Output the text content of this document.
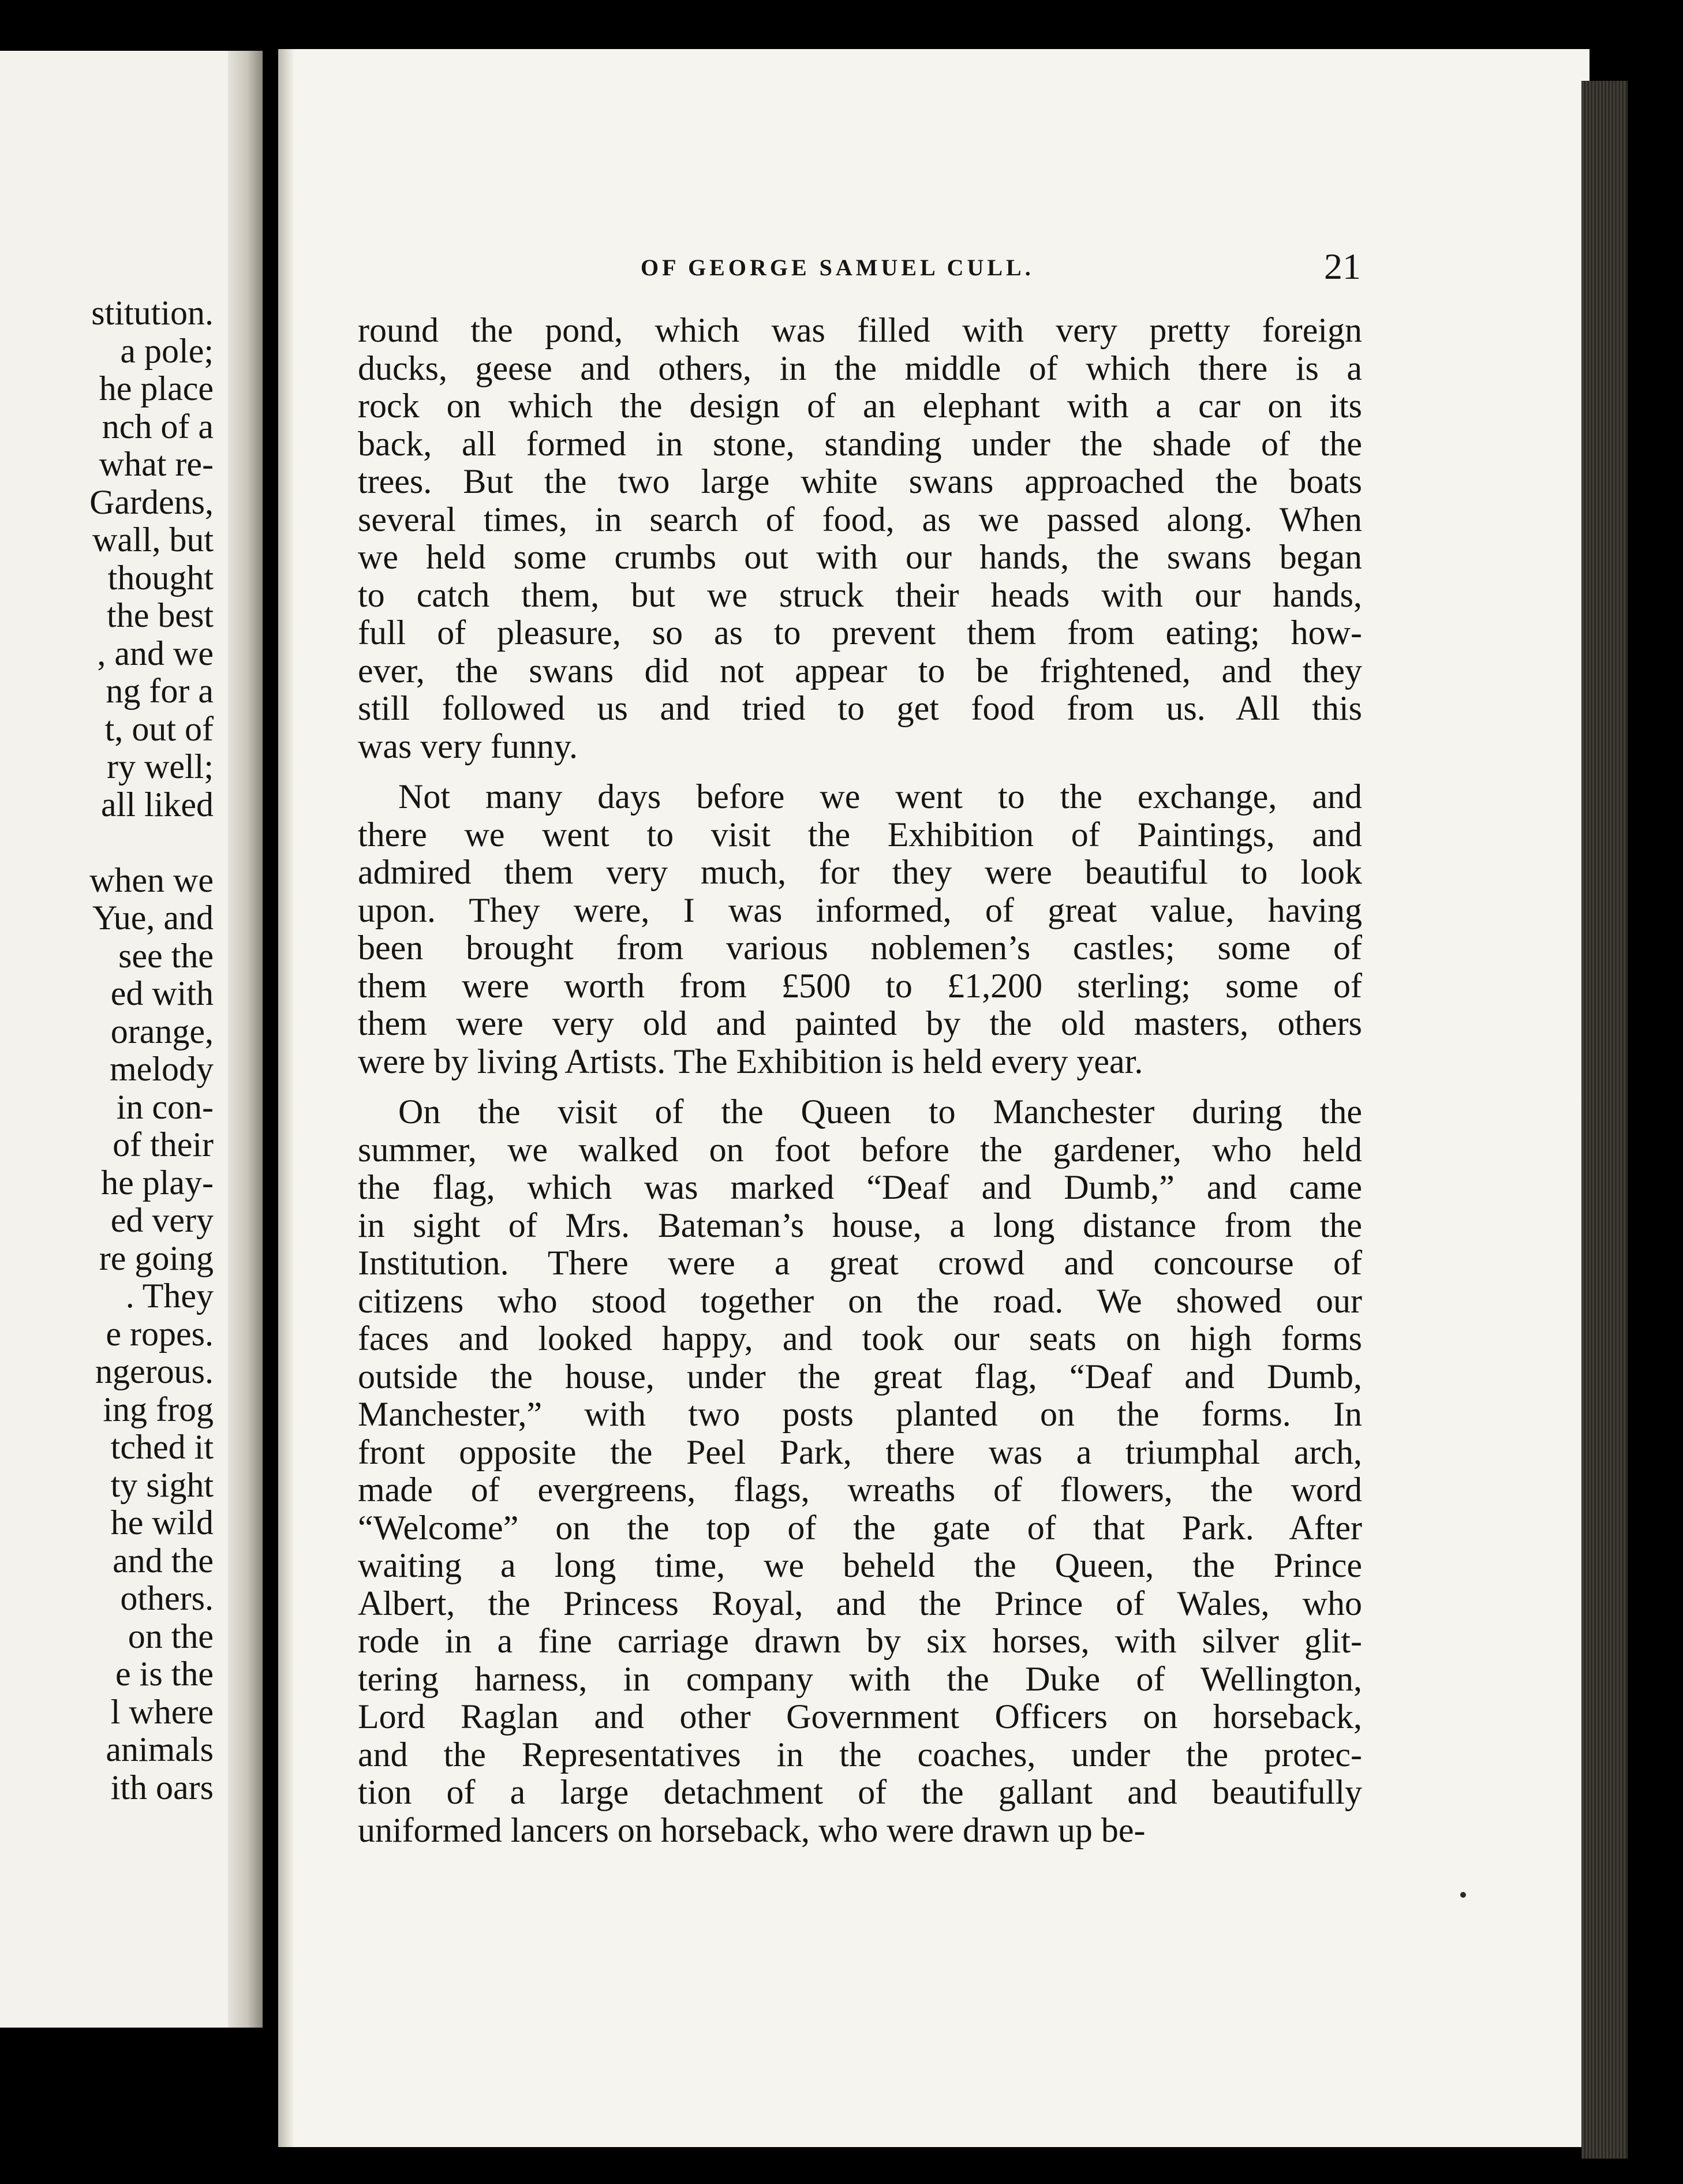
stitution.
a pole;
he place
nch of a
what re-
Gardens,
wall, but
thought
the best
, and we
ng for a
t, out of
ry well;
all liked
when we
Yue, and
see the
ed with
orange,
melody
in con-
of their
he play-
ed very
re going
. They
e ropes.
ngerous.
ing frog
tched it
ty sight
he wild
and the
others.
on the
e is the
l where
animals
ith oars
OF GEORGE SAMUEL CULL.	21
round the pond, which was filled with very pretty foreign
ducks, geese and others, in the middle of which there is a
rock on which the design of an elephant with a car on its
back, all formed in stone, standing under the shade of the
trees. But the two large white swans approached the boats
several times, in search of food, as we passed along. When
we held some crumbs out with our hands, the swans began
to catch them, but we struck their heads with our hands,
full of pleasure, so as to prevent them from eating; how-
ever, the swans did not appear to be frightened, and they
still followed us and tried to get food from us. All this
was very funny.
Not many days before we went to the exchange, and
there we went to visit the Exhibition of Paintings, and
admired them very much, for they were beautiful to look
upon. They were, I was informed, of great value, having
been brought from various noblemen’s castles; some of
them were worth from £500 to £1,200 sterling; some of
them were very old and painted by the old masters, others
were by living Artists. The Exhibition is held every year.
On the visit of the Queen to Manchester during the
summer, we walked on foot before the gardener, who held
the flag, which was marked “Deaf and Dumb,” and came
in sight of Mrs. Bateman’s house, a long distance from the
Institution. There were a great crowd and concourse of
citizens who stood together on the road. We showed our
faces and looked happy, and took our seats on high forms
outside the house, under the great flag, “Deaf and Dumb,
Manchester,” with two posts planted on the forms. In
front opposite the Peel Park, there was a triumphal arch,
made of evergreens, flags, wreaths of flowers, the word
“Welcome” on the top of the gate of that Park. After
waiting a long time, we beheld the Queen, the Prince
Albert, the Princess Royal, and the Prince of Wales, who
rode in a fine carriage drawn by six horses, with silver glit-
tering harness, in company with the Duke of Wellington,
Lord Raglan and other Government Officers on horseback,
and the Representatives in the coaches, under the protec-
tion of a large detachment of the gallant and beautifully
uniformed lancers on horseback, who were drawn up be-
